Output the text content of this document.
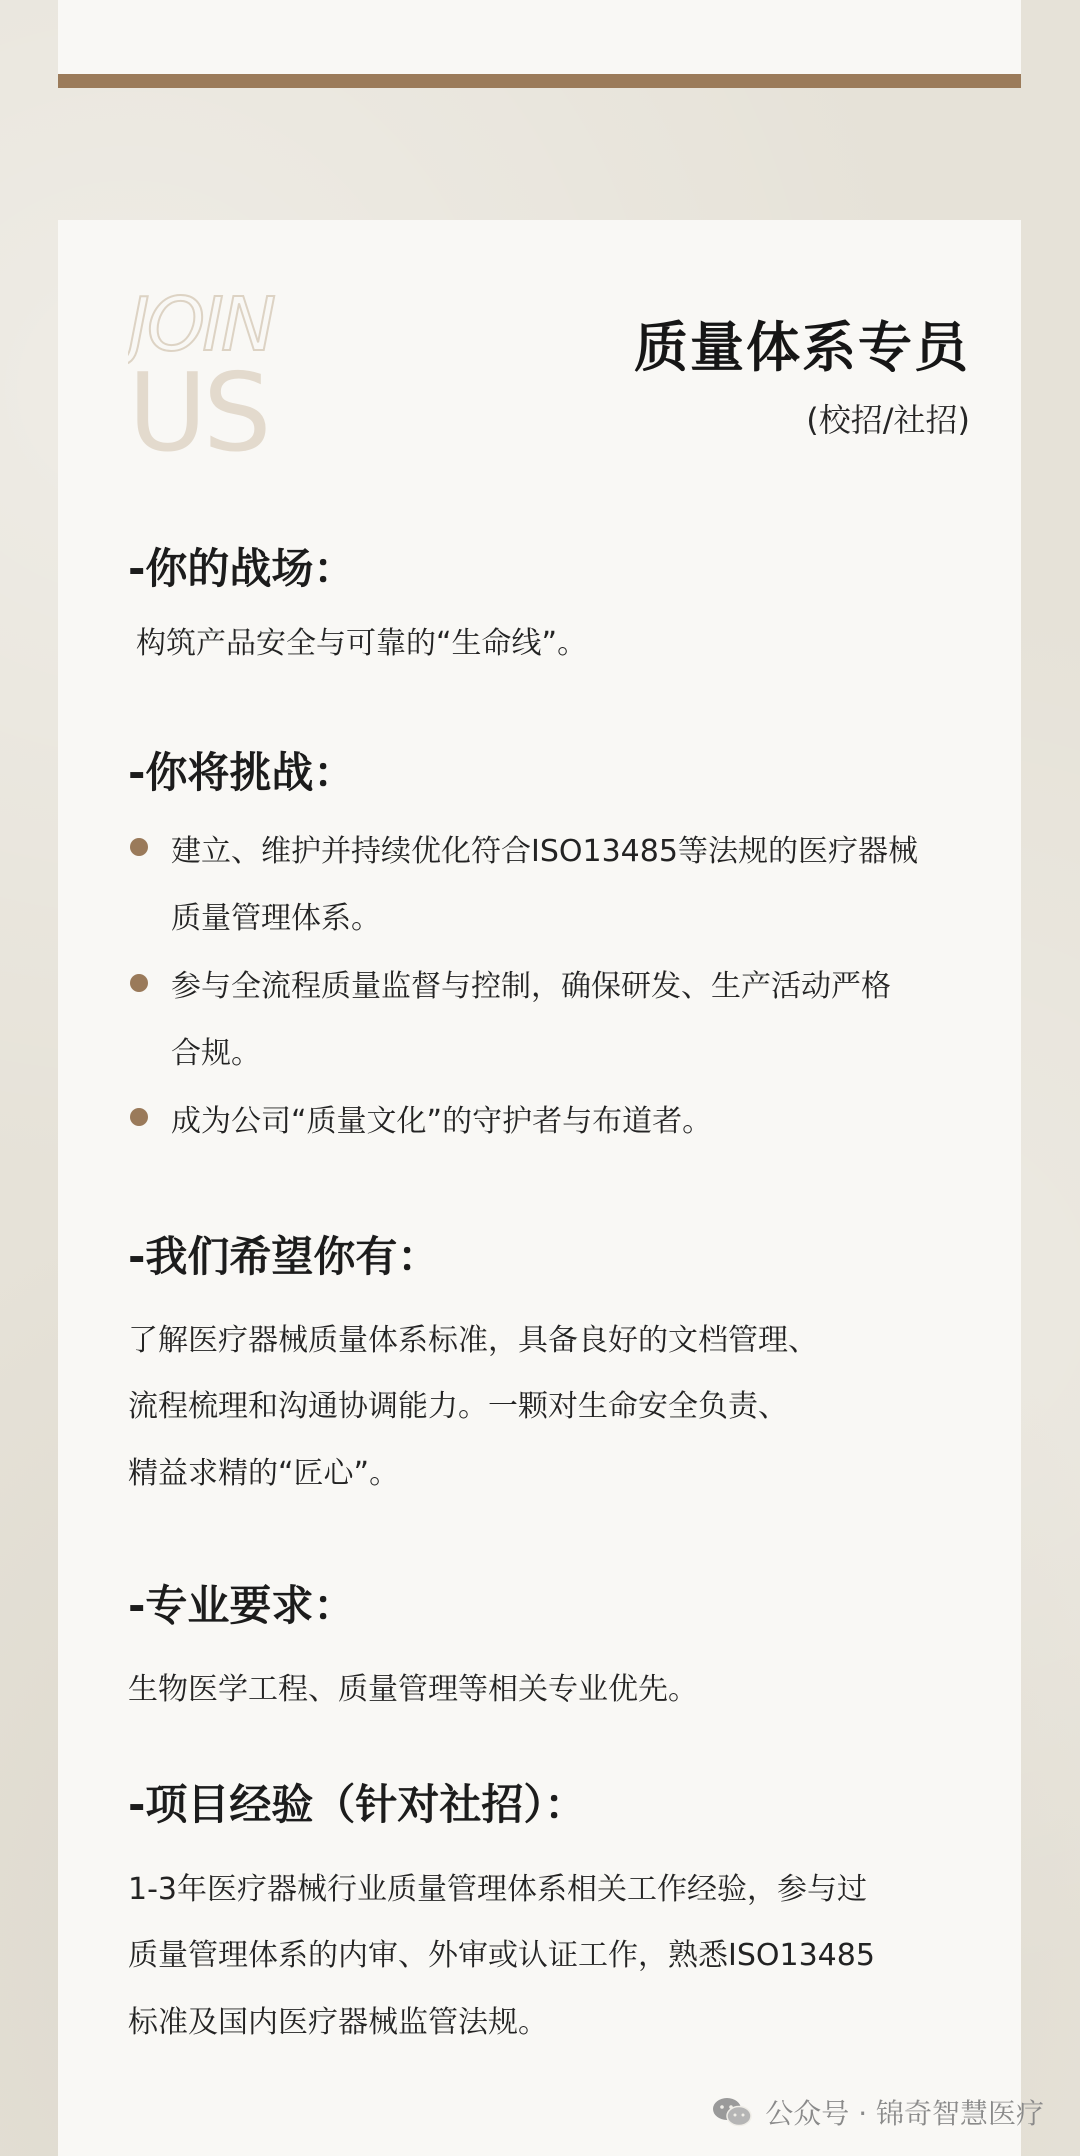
JOIN
US
质量体系专员
(校招/社招)
-你的战场：
构筑产品安全与可靠的“生命线”。
-你将挑战：
建立、维护并持续优化符合ISO13485等法规的医疗器械
质量管理体系。
参与全流程质量监督与控制，确保研发、生产活动严格
合规。
成为公司“质量文化”的守护者与布道者。
-我们希望你有：
了解医疗器械质量体系标准，具备良好的文档管理、
流程梳理和沟通协调能力。一颗对生命安全负责、
精益求精的“匠心”。
-专业要求：
生物医学工程、质量管理等相关专业优先。
-项目经验（针对社招）：
1-3年医疗器械行业质量管理体系相关工作经验，参与过
质量管理体系的内审、外审或认证工作，熟悉ISO13485
标准及国内医疗器械监管法规。
公众号 · 锦奇智慧医疗
